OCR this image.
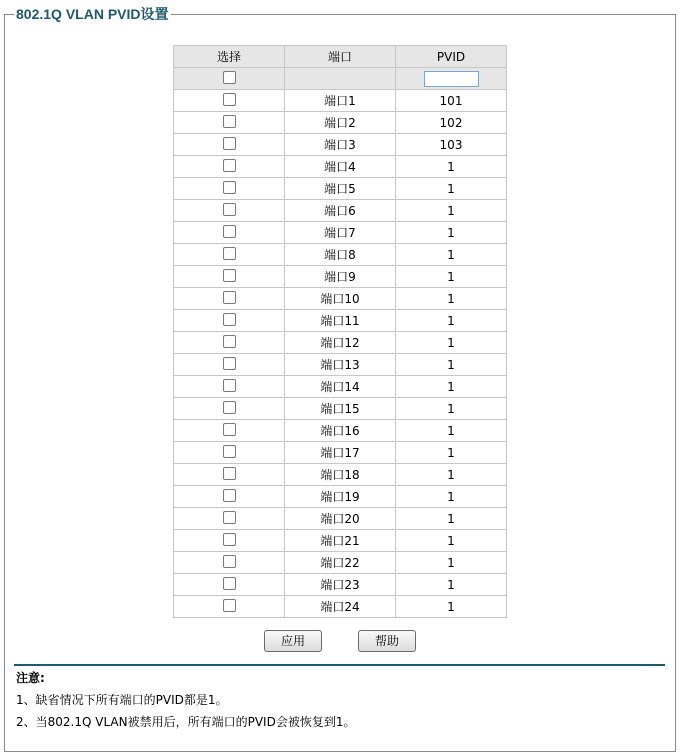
802.1Q VLAN PVID设置
选择	端口	PVID

	端口1	101
	端口2	102
	端口3	103
	端口4	1
	端口5	1
	端口6	1
	端口7	1
	端口8	1
	端口9	1
	端口10	1
	端口11	1
	端口12	1
	端口13	1
	端口14	1
	端口15	1
	端口16	1
	端口17	1
	端口18	1
	端口19	1
	端口20	1
	端口21	1
	端口22	1
	端口23	1
	端口24	1
应用	帮助
注意:
1、缺省情况下所有端口的PVID都是1。
2、当802.1Q VLAN被禁用后，所有端口的PVID会被恢复到1。
